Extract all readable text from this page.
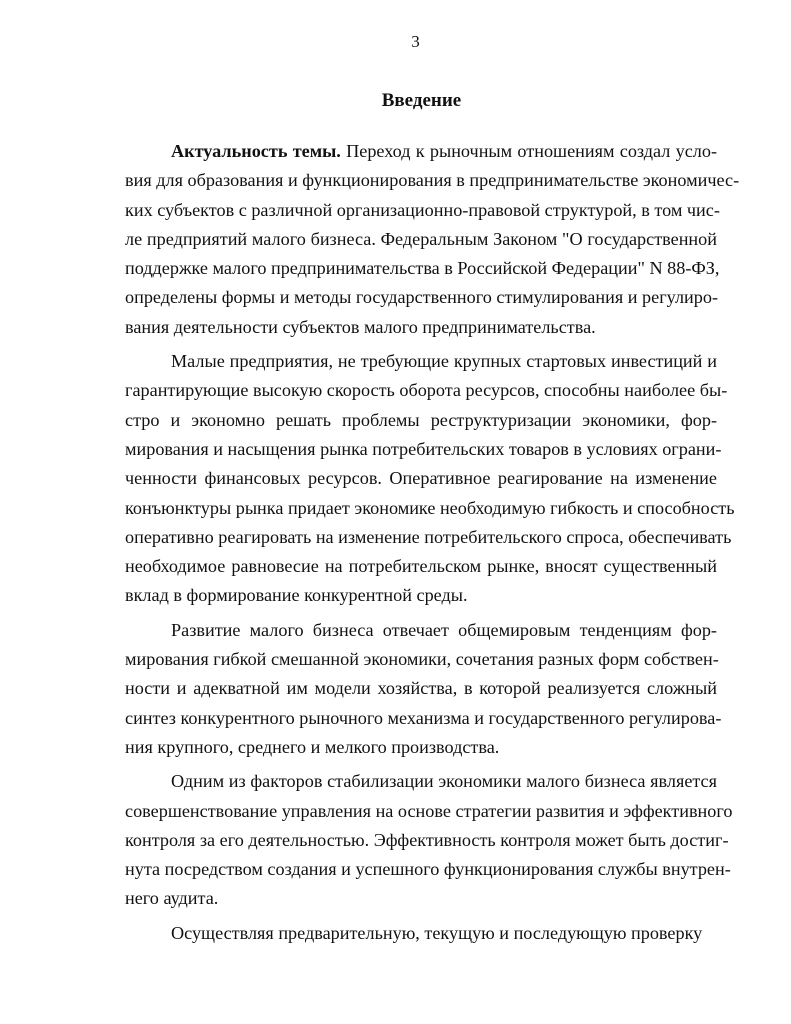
3
Введение
Актуальность темы. Переход к рыночным отношениям создал усло-
вия для образования и функционирования в предпринимательстве экономичес-
ких субъектов с различной организационно-правовой структурой, в том чис-
ле предприятий малого бизнеса. Федеральным Законом "О государственной
поддержке малого предпринимательства в Российской Федерации" N 88-ФЗ,
определены формы и методы государственного стимулирования и регулиро-
вания деятельности субъектов малого предпринимательства.
Малые предприятия, не требующие крупных стартовых инвестиций и
гарантирующие высокую скорость оборота ресурсов, способны наиболее бы-
стро и экономно решать проблемы реструктуризации экономики, фор-
мирования и насыщения рынка потребительских товаров в условиях ограни-
ченности финансовых ресурсов. Оперативное реагирование на изменение
конъюнктуры рынка придает экономике необходимую гибкость и способность
оперативно реагировать на изменение потребительского спроса, обеспечивать
необходимое равновесие на потребительском рынке, вносят существенный
вклад в формирование конкурентной среды.
Развитие малого бизнеса отвечает общемировым тенденциям фор-
мирования гибкой смешанной экономики, сочетания разных форм собствен-
ности и адекватной им модели хозяйства, в которой реализуется сложный
синтез конкурентного рыночного механизма и государственного регулирова-
ния крупного, среднего и мелкого производства.
Одним из факторов стабилизации экономики малого бизнеса является
совершенствование управления на основе стратегии развития и эффективного
контроля за его деятельностью. Эффективность контроля может быть достиг-
нута посредством создания и успешного функционирования службы внутрен-
него аудита.
Осуществляя предварительную, текущую и последующую проверку
